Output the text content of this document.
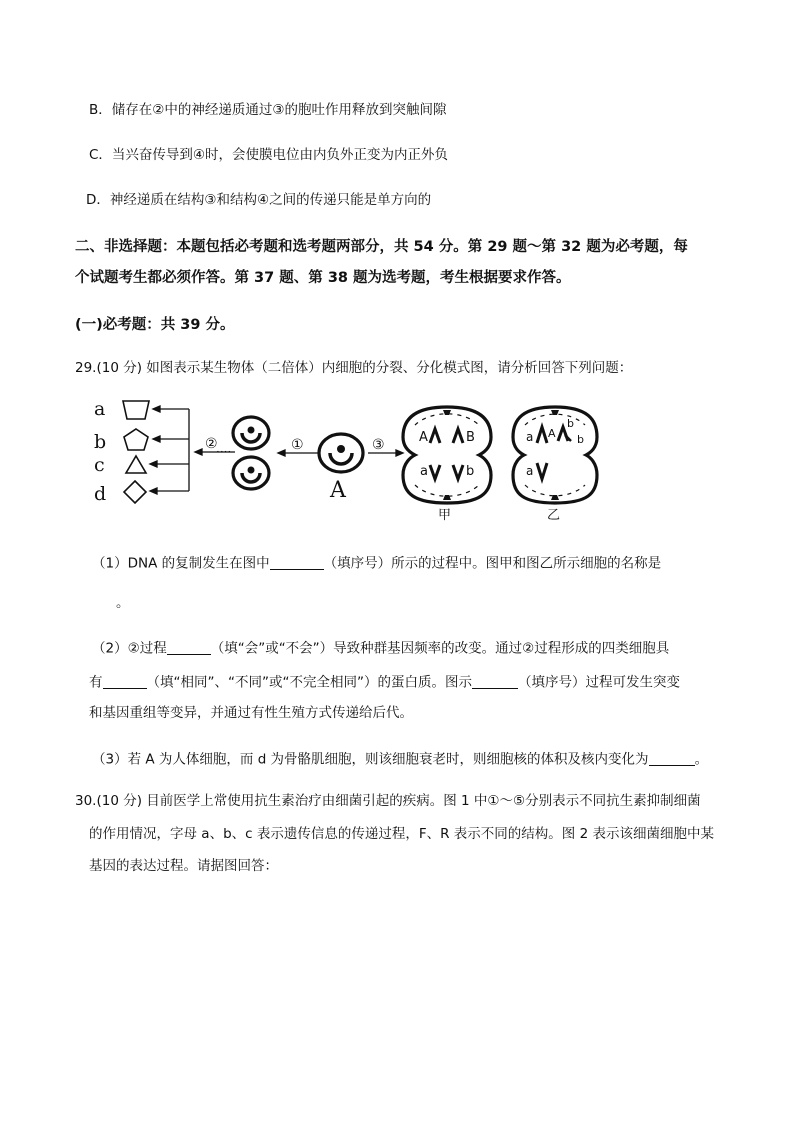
B．储存在②中的神经递质通过③的胞吐作用释放到突触间隙
C．当兴奋传导到④时，会使膜电位由内负外正变为内正外负
D．神经递质在结构③和结构④之间的传递只能是单方向的
二、非选择题：本题包括必考题和选考题两部分，共 54 分。第 29 题～第 32 题为必考题，每
个试题考生都必须作答。第 37 题、第 38 题为选考题，考生根据要求作答。
(一)必考题：共 39 分。
29.(10 分) 如图表示某生物体（二倍体）内细胞的分裂、分化模式图，请分析回答下列问题：
a
b
c
d
②
····	①
A
③	A	B
a	b
甲
a A
b
b
a
乙
（1）DNA 的复制发生在图中	（填序号）所示的过程中。图甲和图乙所示细胞的名称是
。
（2）②过程	（填“会”或“不会”）导致种群基因频率的改变。通过②过程形成的四类细胞具
有	（填“相同”、“不同”或“不完全相同”）的蛋白质。图示	（填序号）过程可发生突变
和基因重组等变异，并通过有性生殖方式传递给后代。
（3）若 A 为人体细胞，而 d 为骨骼肌细胞，则该细胞衰老时，则细胞核的体积及核内变化为	。
30.(10 分) 目前医学上常使用抗生素治疗由细菌引起的疾病。图 1 中①～⑤分别表示不同抗生素抑制细菌
的作用情况，字母 a、b、c 表示遗传信息的传递过程，F、R 表示不同的结构。图 2 表示该细菌细胞中某
基因的表达过程。请据图回答：
